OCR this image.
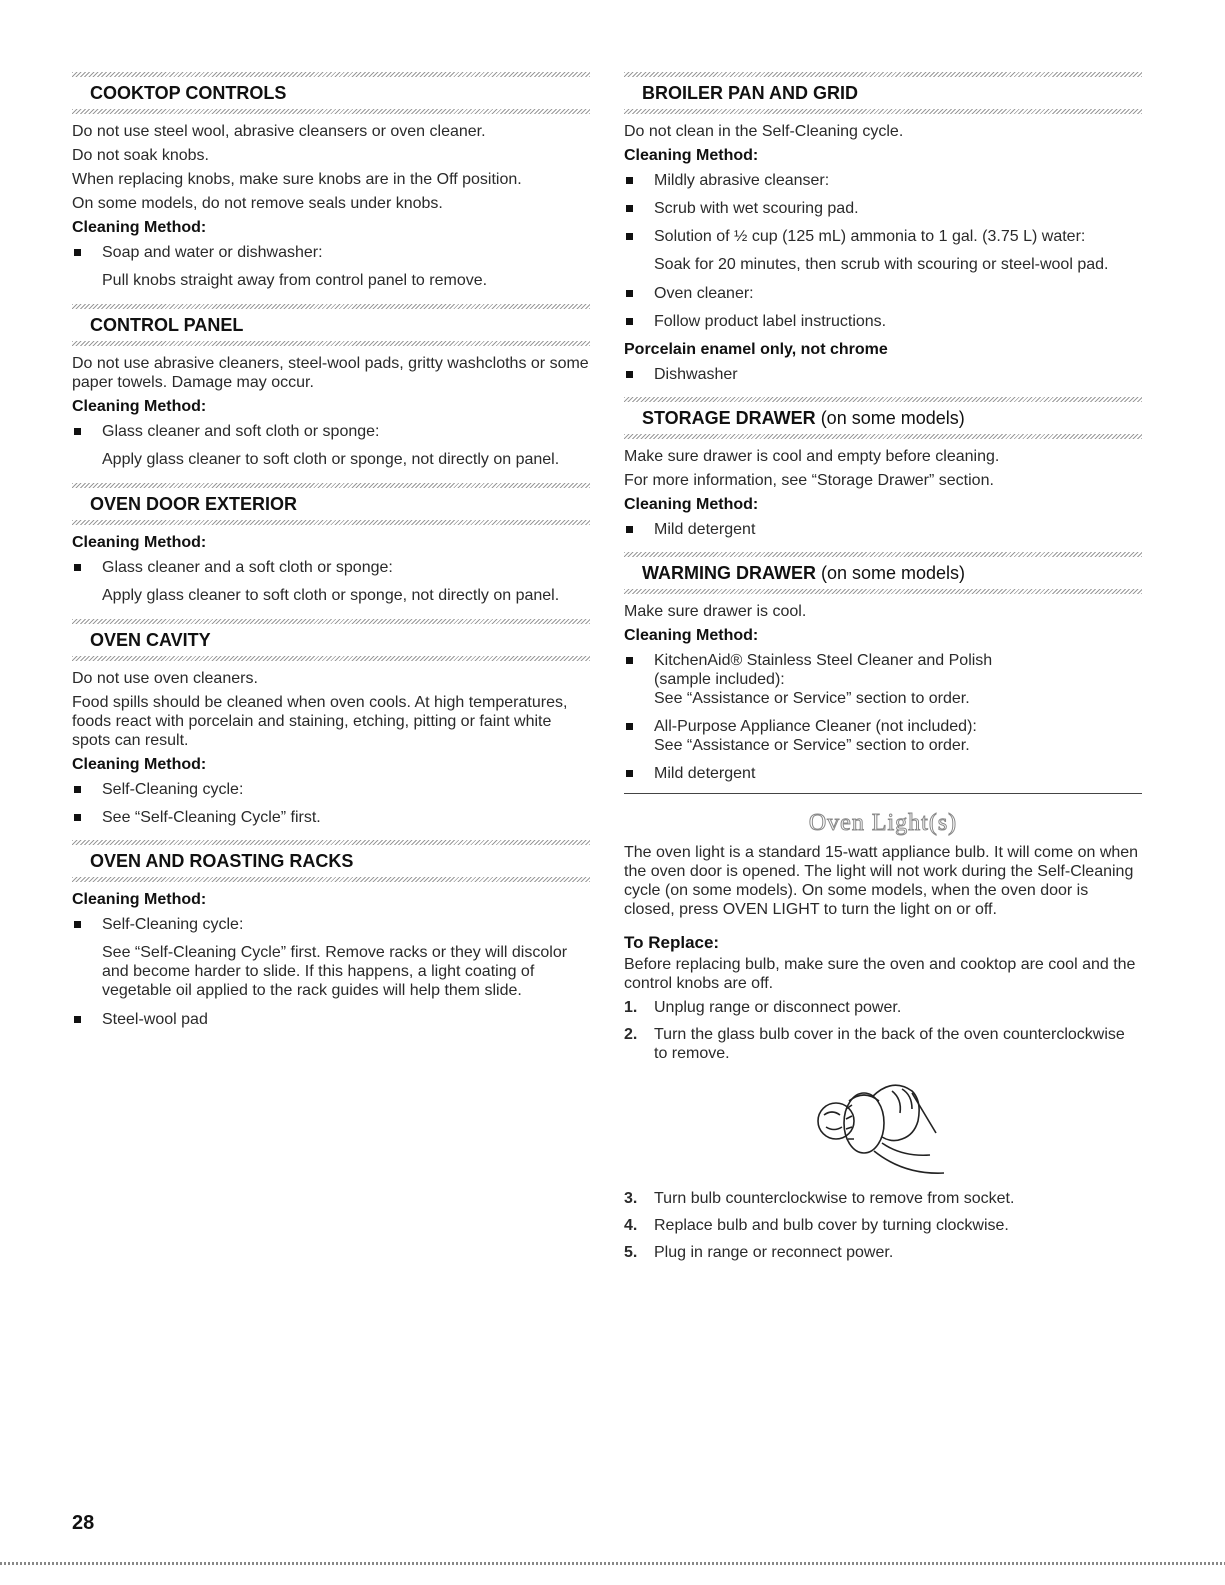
COOKTOP CONTROLS

Do not use steel wool, abrasive cleansers or oven cleaner.

Do not soak knobs.

When replacing knobs, make sure knobs are in the Off position.

On some models, do not remove seals under knobs.

Cleaning Method:
Soap and water or dishwasher:

Pull knobs straight away from control panel to remove.

CONTROL PANEL

Do not use abrasive cleaners, steel-wool pads, gritty washcloths or some paper towels. Damage may occur.

Cleaning Method:
Glass cleaner and soft cloth or sponge:

Apply glass cleaner to soft cloth or sponge, not directly on panel.

OVEN DOOR EXTERIOR
Cleaning Method:
Glass cleaner and a soft cloth or sponge:

Apply glass cleaner to soft cloth or sponge, not directly on panel.

OVEN CAVITY

Do not use oven cleaners.

Food spills should be cleaned when oven cools. At high temperatures, foods react with porcelain and staining, etching, pitting or faint white spots can result.

Cleaning Method:
Self-Cleaning cycle:
See “Self-Cleaning Cycle” first.
OVEN AND ROASTING RACKS
Cleaning Method:
Self-Cleaning cycle:

See “Self-Cleaning Cycle” first. Remove racks or they will discolor and become harder to slide. If this happens, a light coating of vegetable oil applied to the rack guides will help them slide.

Steel-wool pad
BROILER PAN AND GRID

Do not clean in the Self-Cleaning cycle.

Cleaning Method:
Mildly abrasive cleanser:
Scrub with wet scouring pad.
Solution of ½ cup (125 mL) ammonia to 1 gal. (3.75 L) water:

Soak for 20 minutes, then scrub with scouring or steel-wool pad.

Oven cleaner:
Follow product label instructions.
Porcelain enamel only, not chrome
Dishwasher
STORAGE DRAWER (on some models)

Make sure drawer is cool and empty before cleaning.

For more information, see “Storage Drawer” section.

Cleaning Method:
Mild detergent
WARMING DRAWER (on some models)

Make sure drawer is cool.

Cleaning Method:
KitchenAid® Stainless Steel Cleaner and Polish
(sample included):
See “Assistance or Service” section to order.
All-Purpose Appliance Cleaner (not included):
See “Assistance or Service” section to order.
Mild detergent
Oven Light(s)

The oven light is a standard 15-watt appliance bulb. It will come on when the oven door is opened. The light will not work during the Self-Cleaning cycle (on some models). On some models, when the oven door is closed, press OVEN LIGHT to turn the light on or off.

To Replace:

Before replacing bulb, make sure the oven and cooktop are cool and the control knobs are off.

1. Unplug range or disconnect power.
2. Turn the glass bulb cover in the back of the oven counterclockwise to remove.
3. Turn bulb counterclockwise to remove from socket.
4. Replace bulb and bulb cover by turning clockwise.
5. Plug in range or reconnect power.
28
